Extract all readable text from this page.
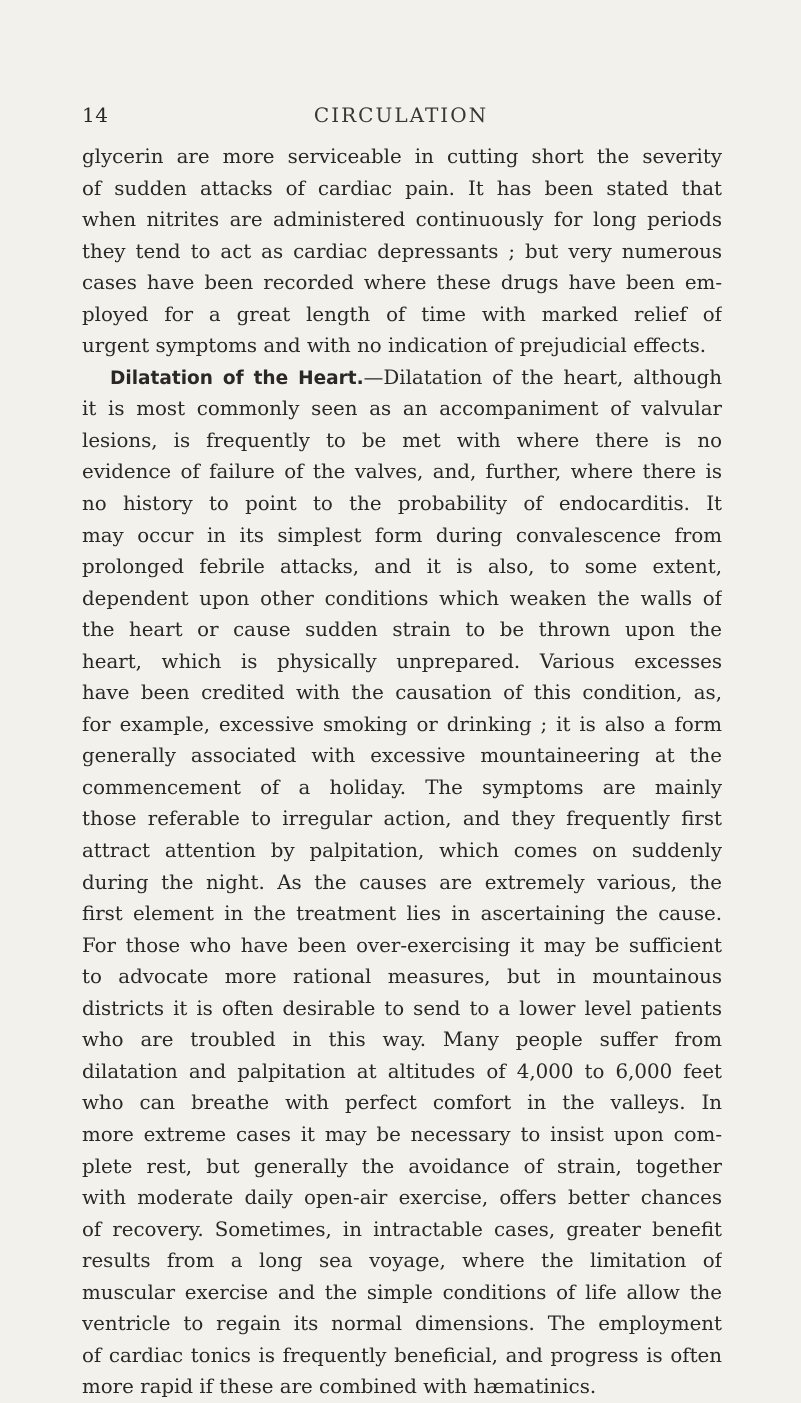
14	CIRCULATION
glycerin are more serviceable in cutting short the severity
of sudden attacks of cardiac pain. It has been stated that
when nitrites are administered continuously for long periods
they tend to act as cardiac depressants ; but very numerous
cases have been recorded where these drugs have been em-
ployed for a great length of time with marked relief of
urgent symptoms and with no indication of prejudicial effects.
Dilatation of the Heart.—Dilatation of the heart, although
it is most commonly seen as an accompaniment of valvular
lesions, is frequently to be met with where there is no
evidence of failure of the valves, and, further, where there is
no history to point to the probability of endocarditis. It
may occur in its simplest form during convalescence from
prolonged febrile attacks, and it is also, to some extent,
dependent upon other conditions which weaken the walls of
the heart or cause sudden strain to be thrown upon the
heart, which is physically unprepared. Various excesses
have been credited with the causation of this condition, as,
for example, excessive smoking or drinking ; it is also a form
generally associated with excessive mountaineering at the
commencement of a holiday. The symptoms are mainly
those referable to irregular action, and they frequently first
attract attention by palpitation, which comes on suddenly
during the night. As the causes are extremely various, the
first element in the treatment lies in ascertaining the cause.
For those who have been over-exercising it may be sufficient
to advocate more rational measures, but in mountainous
districts it is often desirable to send to a lower level patients
who are troubled in this way. Many people suffer from
dilatation and palpitation at altitudes of 4,000 to 6,000 feet
who can breathe with perfect comfort in the valleys. In
more extreme cases it may be necessary to insist upon com-
plete rest, but generally the avoidance of strain, together
with moderate daily open-air exercise, offers better chances
of recovery. Sometimes, in intractable cases, greater benefit
results from a long sea voyage, where the limitation of
muscular exercise and the simple conditions of life allow the
ventricle to regain its normal dimensions. The employment
of cardiac tonics is frequently beneficial, and progress is often
more rapid if these are combined with hæmatinics.
